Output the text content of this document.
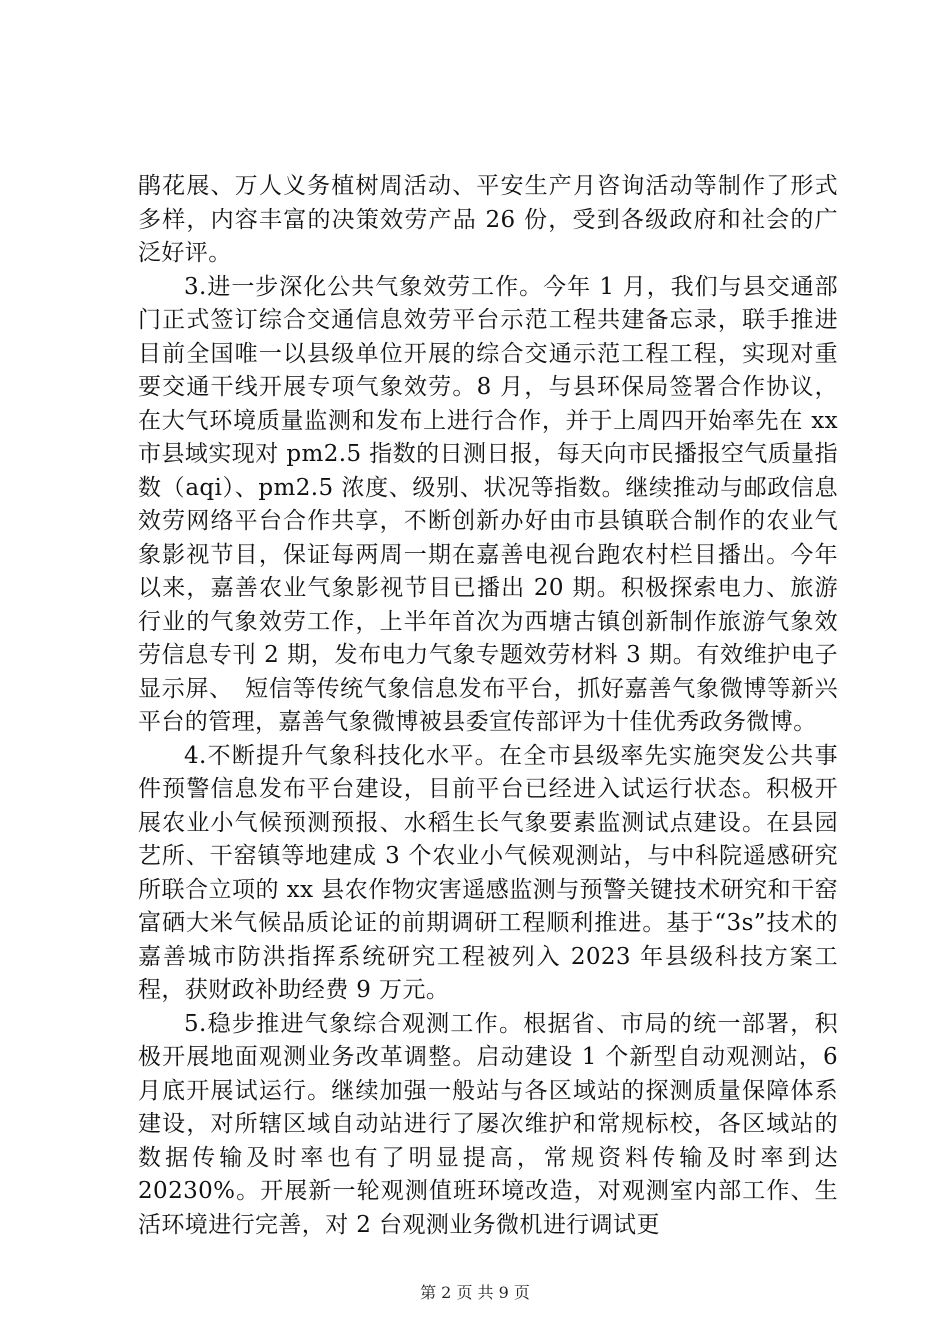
鹃花展、万人义务植树周活动、平安生产月咨询活动等制作了形式多样，内容丰富的决策效劳产品 26 份，受到各级政府和社会的广泛好评。

3.进一步深化公共气象效劳工作。今年 1 月，我们与县交通部门正式签订综合交通信息效劳平台示范工程共建备忘录，联手推进目前全国唯一以县级单位开展的综合交通示范工程工程，实现对重要交通干线开展专项气象效劳。8 月，与县环保局签署合作协议，在大气环境质量监测和发布上进行合作，并于上周四开始率先在 xx 市县域实现对 pm2.5 指数的日测日报，每天向市民播报空气质量指数（aqi）、pm2.5 浓度、级别、状况等指数。继续推动与邮政信息效劳网络平台合作共享，不断创新办好由市县镇联合制作的农业气象影视节目，保证每两周一期在嘉善电视台跑农村栏目播出。今年以来，嘉善农业气象影视节目已播出 20 期。积极探索电力、旅游行业的气象效劳工作，上半年首次为西塘古镇创新制作旅游气象效劳信息专刊 2 期，发布电力气象专题效劳材料 3 期。有效维护电子显示屏、　短信等传统气象信息发布平台，抓好嘉善气象微博等新兴平台的管理，嘉善气象微博被县委宣传部评为十佳优秀政务微博。

4.不断提升气象科技化水平。在全市县级率先实施突发公共事件预警信息发布平台建设，目前平台已经进入试运行状态。积极开展农业小气候预测预报、水稻生长气象要素监测试点建设。在县园艺所、干窑镇等地建成 3 个农业小气候观测站，与中科院遥感研究所联合立项的 xx 县农作物灾害遥感监测与预警关键技术研究和干窑富硒大米气候品质论证的前期调研工程顺利推进。基于“3s”技术的嘉善城市防洪指挥系统研究工程被列入 2023 年县级科技方案工程，获财政补助经费 9 万元。

5.稳步推进气象综合观测工作。根据省、市局的统一部署，积极开展地面观测业务改革调整。启动建设 1 个新型自动观测站，6 月底开展试运行。继续加强一般站与各区域站的探测质量保障体系建设，对所辖区域自动站进行了屡次维护和常规标校，各区域站的数据传输及时率也有了明显提高，常规资料传输及时率到达 20230%。开展新一轮观测值班环境改造，对观测室内部工作、生活环境进行完善，对 2 台观测业务微机进行调试更

第 2 页 共 9 页
